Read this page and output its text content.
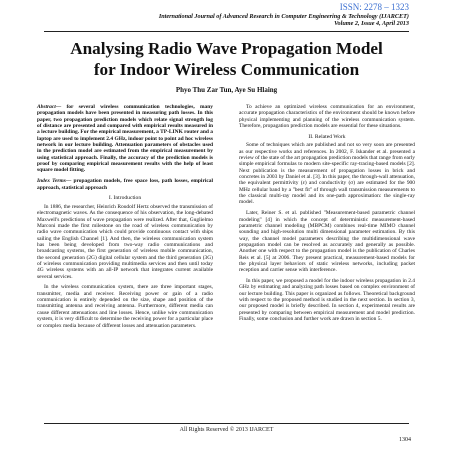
ISSN: 2278 – 1323
International Journal of Advanced Research in Computer Engineering & Technology (IJARCET)
Volume 2, Issue 4, April 2013
Analysing Radio Wave Propagation Model
for Indoor Wireless Communication
Phyo Thu Zar Tun, Aye Su Hlaing

Abstract— for several wireless communication technologies, many propagation models have been presented in measuring path losses. In this paper, two propagation prediction models which relate signal strength log of distance are presented and compared with empirical results measured in a lecture building. For the empirical measurement, a TP-LINK router and a laptop are used to implement 2.4 GHz, indoor point to point ad hoc wireless network in our lecture building. Attenuation parameters of obstacles used in the prediction model are estimated from the empirical measurement by using statistical approach. Finally, the accuracy of the prediction models is proof by comparing empirical measurement results with the help of least square model fitting.

Index Terms— propagation models, free space loss, path losses, empirical approach, statistical approach

I. Introduction

In 1886, the researcher, Heinrich Roudolf Hertz observed the transmission of electromagnetic waves. As the consequence of his observation, the long-debated Maxwell's predictions of wave propagation were realized. After that, Guglielmo Marconi made the first milestone on the road of wireless communication by radio wave communication which could provide continuous contact with ships sailing the English Channel [1]. And then, the wireless communication system has been being developed from two-way radio communications and broadcasting systems, the first generation of wireless mobile communication, the second generation (2G) digital cellular system and the third generation (3G) of wireless communication providing multimedia services and then until today 4G wireless systems with an all-IP network that integrates current available several services.

In the wireless communication system, there are three important stages, transmitter, media and receiver. Receiving power or gain of a radio communication is entirely depended on the size, shape and position of the transmitting antenna and receiving antenna. Furthermore, different media can cause different attenuations and line losses. Hence, unlike wire communication system, it is very difficult to determine the receiving power for a particular place or complex media because of different losses and attenuation parameters.

To achieve an optimized wireless communication for an environment, accurate propagation characteristics of the environment should be known before physical implementing and planning of the wireless communication system. Therefore, propagation prediction models are essential for these situations.

II. Related Work

Some of techniques which are published and not so very soon are presented as our respective works and references. In 2002, F. Iskander et al. presented a review of the state of the art propagation prediction models that range from early simple empirical formulas to modern site-specific ray-tracing-based models [2]. Next publication is the measurement of propagation losses in brick and concretes in 2003 by Daniel et al. [3]. In this paper, the through-wall attenuation, the equivalent permittivity (ε) and conductivity (σ) are estimated for the 900 MHz cellular band by a "best fit" of through wall transmission measurements to the classical multi-ray model and its one-path approximation: the single-ray model.

Later, Reiner S. et al. published "Measurement-based parametric channel modeling" [4] in which the concept of deterministic measurement-based parametric channel modeling (MBPCM) combines real-time MIMO channel sounding and high-resolution multi dimensional parameter estimation. By this way, the channel model parameters describing the multidimensional wave propagation model can be resolved as accurately and generally as possible. Another one with respect to the propagation model is the publication of Charles Reis et al. [5] at 2006. They present practical, measurement-based models for the physical layer behaviors of static wireless networks, including packet reception and carrier sense with interference.

In this paper, we proposed a model for the indoor wireless propagation in 2.4 GHz by estimating and analyzing path losses based on complex environment of our lecture building. This paper is organized as follows. Theoretical background with respect to the proposed method is studied in the next section. In section 3, our proposed model is briefly described. In section 4, experimental results are presented by comparing between empirical measurement and model prediction. Finally, some conclusion and further work are drawn in section 5.

All Rights Reserved © 2013 IJARCET
1304
